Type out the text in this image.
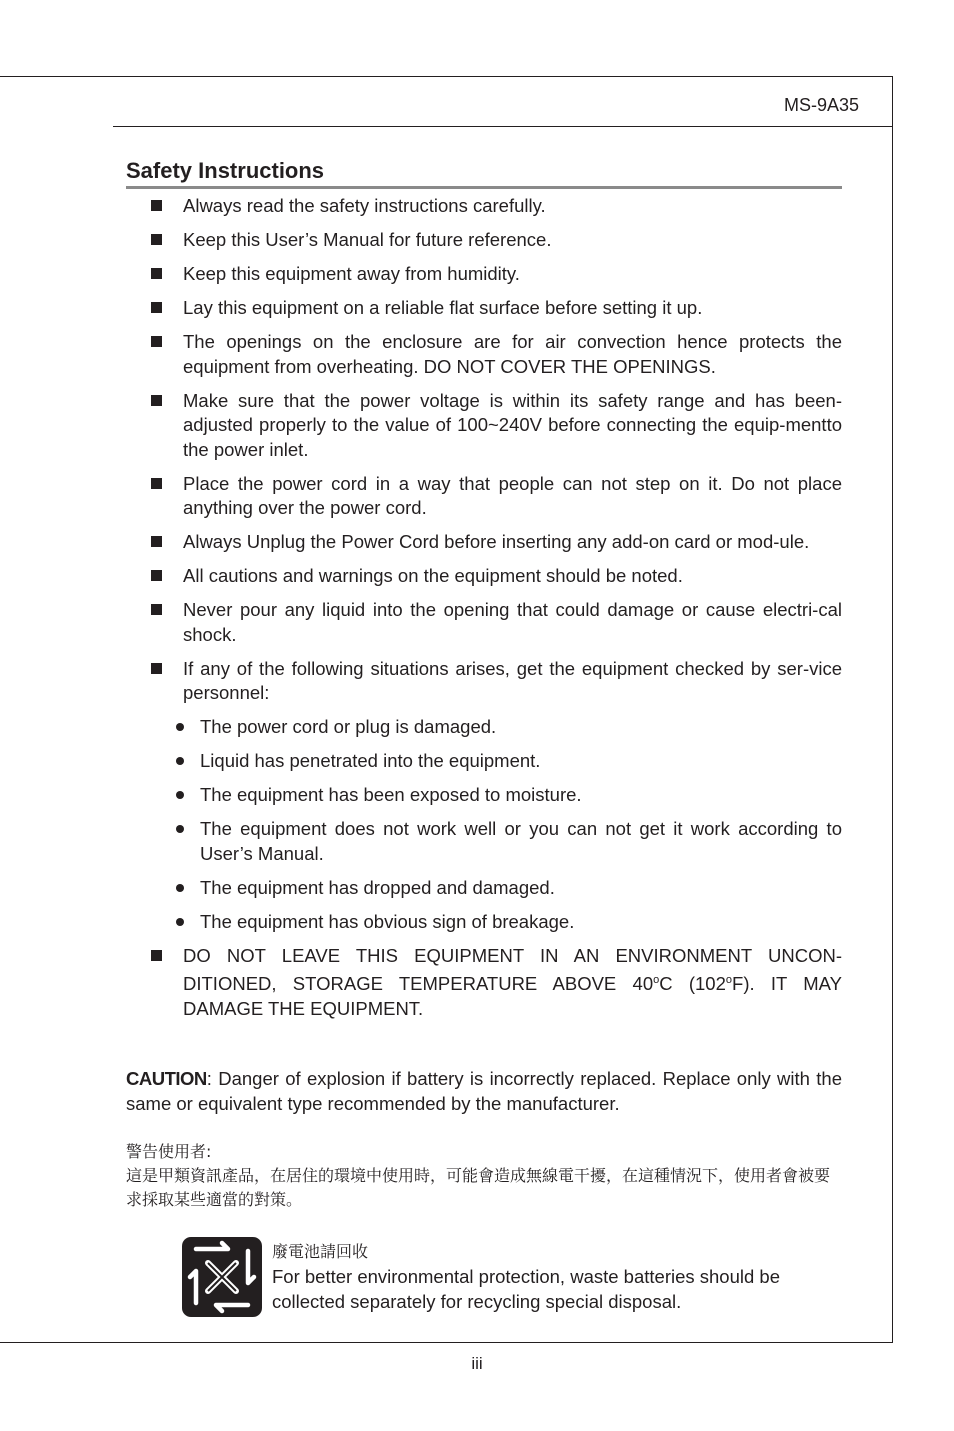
MS-9A35
Safety Instructions
Always read the safety instructions carefully.
Keep this User’s Manual for future reference.
Keep this equipment away from humidity.
Lay this equipment on a reliable flat surface before setting it up.
The openings on the enclosure are for air convection hence protects the equipment from overheating. DO NOT COVER THE OPENINGS.
Make sure that the power voltage is within its safety range and has been-adjusted properly to the value of 100~240V before connecting the equip-mentto the power inlet.
Place the power cord in a way that people can not step on it. Do not place anything over the power cord.
Always Unplug the Power Cord before inserting any add-on card or mod-ule.
All cautions and warnings on the equipment should be noted.
Never pour any liquid into the opening that could damage or cause electri-cal shock.
If any of the following situations arises, get the equipment checked by ser-vice personnel:
The power cord or plug is damaged.
Liquid has penetrated into the equipment.
The equipment has been exposed to moisture.
The equipment does not work well or you can not get it work according to User’s Manual.
The equipment has dropped and damaged.
The equipment has obvious sign of breakage.
DO NOT LEAVE THIS EQUIPMENT IN AN ENVIRONMENT UNCON-DITIONED, STORAGE TEMPERATURE ABOVE 40$^o$C (102$^o$F). IT MAY DAMAGE THE EQUIPMENT.
CAUTION: Danger of explosion if battery is incorrectly replaced. Replace only with the same or equivalent type recommended by the manufacturer.
警告使用者:
這是甲類資訊產品，在居住的環境中使用時，可能會造成無線電干擾，在這種情況下，使用者會被要求採取某些適當的對策。
廢電池請回收
For better environmental protection, waste batteries should be collected separately for recycling special disposal.
iii
